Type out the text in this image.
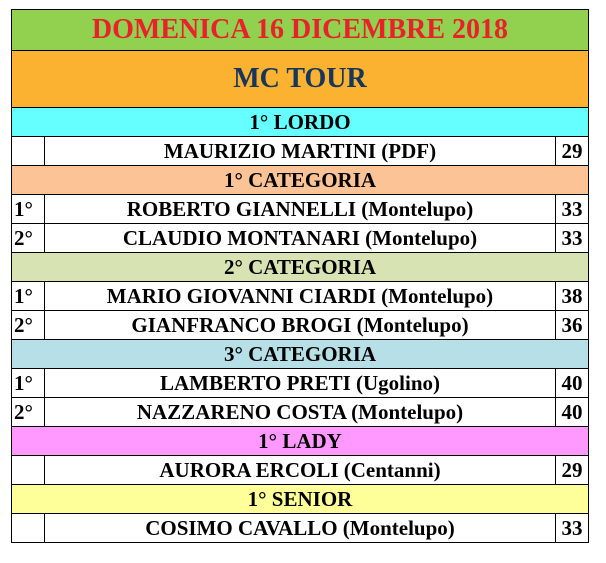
DOMENICA 16 DICEMBRE 2018		
MC TOUR		
1° LORDO		
	MAURIZIO MARTINI (PDF)	29
1° CATEGORIA		
1°	ROBERTO GIANNELLI (Montelupo)	33
2°	CLAUDIO MONTANARI (Montelupo)	33
2° CATEGORIA		
1°	MARIO GIOVANNI CIARDI (Montelupo)	38
2°	GIANFRANCO BROGI (Montelupo)	36
3° CATEGORIA		
1°	LAMBERTO PRETI (Ugolino)	40
2°	NAZZARENO COSTA (Montelupo)	40
1° LADY		
	AURORA ERCOLI (Centanni)	29
1° SENIOR		
	COSIMO CAVALLO (Montelupo)	33
